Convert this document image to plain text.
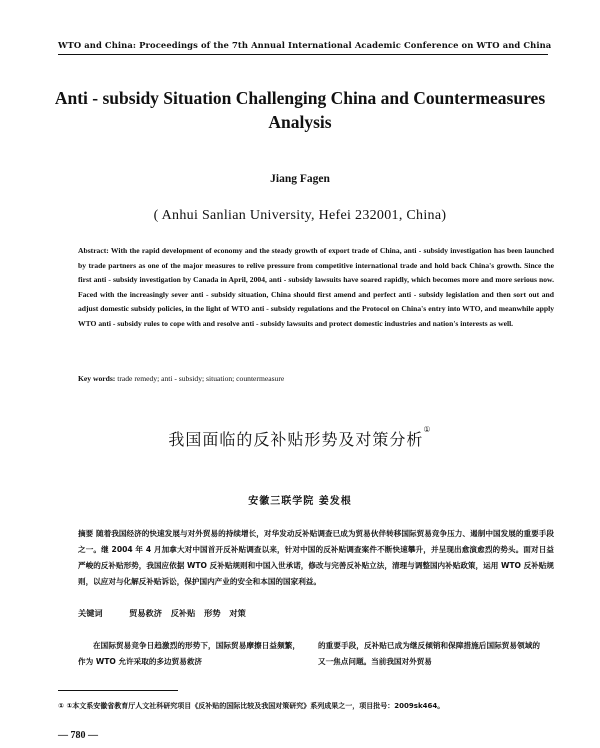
WTO and China: Proceedings of the 7th Annual International Academic Conference on WTO and China
Anti - subsidy Situation Challenging China and Countermeasures Analysis
Jiang Fagen
( Anhui Sanlian University, Hefei 232001, China)
Abstract: With the rapid development of economy and the steady growth of export trade of China, anti - subsidy investigation has been launched by trade partners as one of the major measures to relive pressure from competitive international trade and hold back China's growth. Since the first anti - subsidy investigation by Canada in April, 2004, anti - subsidy lawsuits have soared rapidly, which becomes more and more serious now. Faced with the increasingly sever anti - subsidy situation, China should first amend and perfect anti - subsidy legislation and then sort out and adjust domestic subsidy policies, in the light of WTO anti - subsidy regulations and the Protocol on China's entry into WTO, and meanwhile apply WTO anti - subsidy rules to cope with and resolve anti - subsidy lawsuits and protect domestic industries and nation's interests as well.
Key words: trade remedy; anti - subsidy; situation; countermeasure
我国面临的反补贴形势及对策分析①
安徽三联学院 姜发根
摘要 随着我国经济的快速发展与对外贸易的持续增长，对华发动反补贴调查已成为贸易伙伴转移国际贸易竞争压力、遏制中国发展的重要手段之一。继 2004 年 4 月加拿大对中国首开反补贴调查以来，针对中国的反补贴调查案件不断快速攀升，并呈现出愈演愈烈的势头。面对日益严峻的反补贴形势，我国应依据 WTO 反补贴规则和中国入世承诺，修改与完善反补贴立法，清理与调整国内补贴政策，运用 WTO 反补贴规则，以应对与化解反补贴诉讼，保护国内产业的安全和本国的国家利益。
关键词	贸易救济 反补贴 形势 对策
在国际贸易竞争日趋激烈的形势下，国际贸易摩擦日益频繁，作为 WTO 允许采取的多边贸易救济
的重要手段，反补贴已成为继反倾销和保障措施后国际贸易领域的又一焦点问题。当前我国对外贸易
① ①本文系安徽省教育厅人文社科研究项目《反补贴的国际比较及我国对策研究》系列成果之一，项目批号：2009sk464。
— 780 —
